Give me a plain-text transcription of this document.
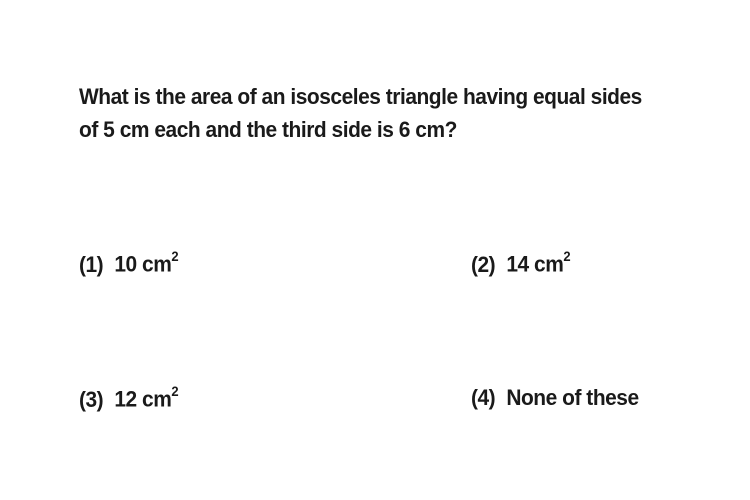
What is the area of an isosceles triangle having equal sides
of 5 cm each and the third side is 6 cm?
(1) 10 $cm^2$	(2) 14 $cm^2$
(3) 12 $cm^2$	(4) None of these
